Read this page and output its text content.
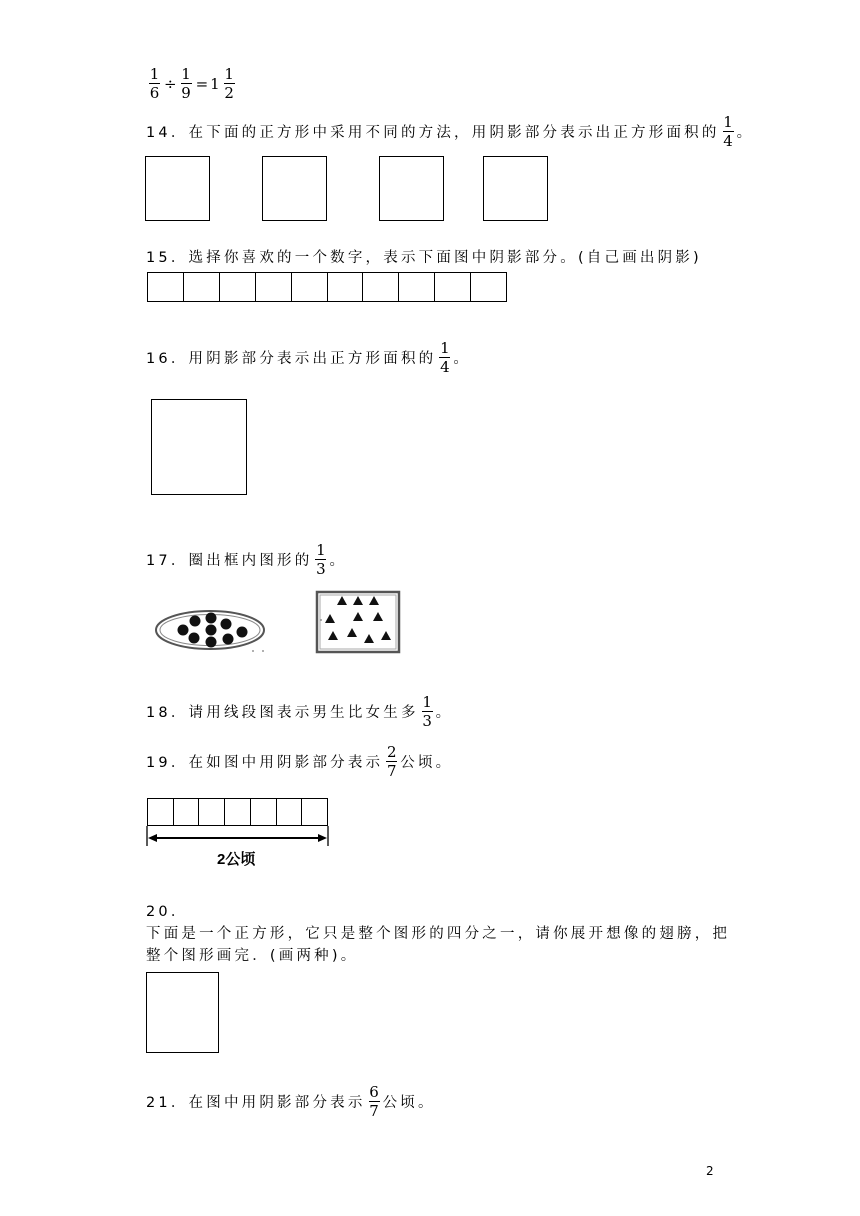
$\frac{1}{6} \div \frac{1}{9} = 1 \frac{1}{2}$
14．在下面的正方形中采用不同的方法，用阴影部分表示出正方形面积的 $\frac{1}{4}$ 。
15．选择你喜欢的一个数字，表示下面图中阴影部分。(自己画出阴影)
16．用阴影部分表示出正方形面积的 $\frac{1}{4}$ 。
17．圈出框内图形的 $\frac{1}{3}$ 。
18．请用线段图表示男生比女生多 $\frac{1}{3}$ 。
19．在如图中用阴影部分表示 $\frac{2}{7}$ 公顷。
2公顷
20．
下面是一个正方形，它只是整个图形的四分之一，请你展开想像的翅膀，把
整个图形画完．(画两种)。
21．在图中用阴影部分表示 $\frac{6}{7}$ 公顷。
2
